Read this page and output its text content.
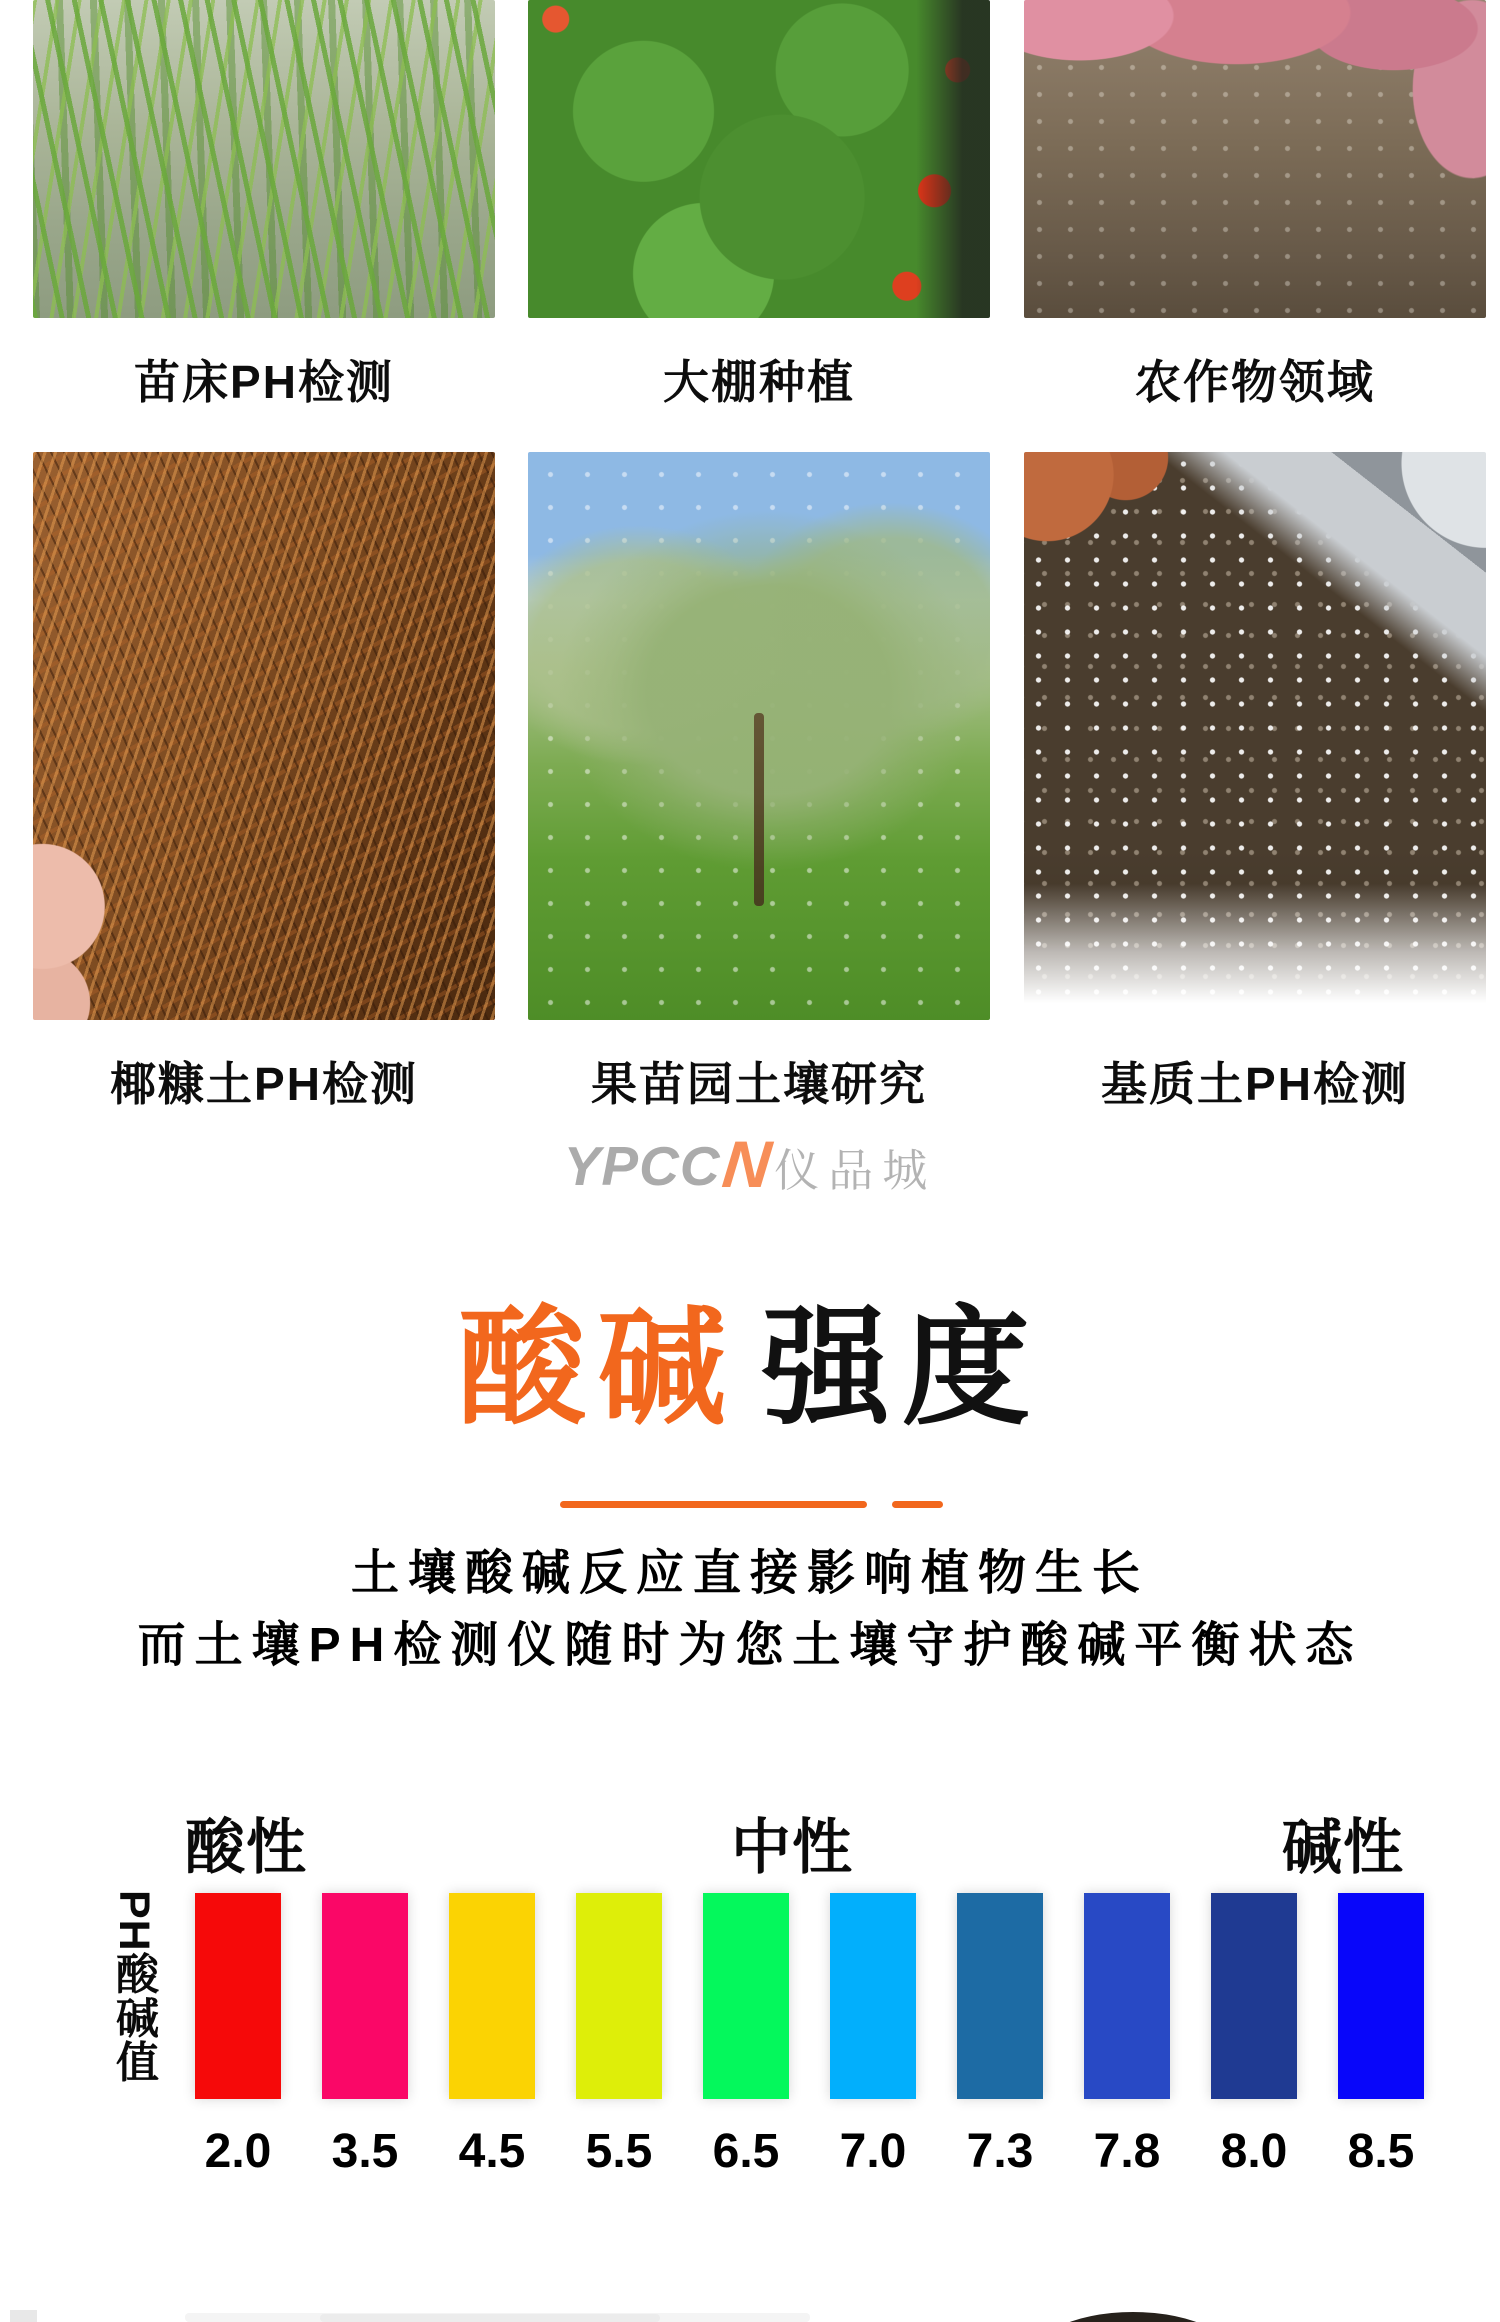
苗床PH检测	大棚种植	农作物领域
椰糠土PH检测	果苗园土壤研究	基质土PH检测
YPCC
N 仪品城
酸碱 强度

土壤酸碱反应直接影响植物生长

而土壤PH检测仪随时为您土壤守护酸碱平衡状态

酸性	中性	碱性
PH酸碱值
2.0 3.5 4.5 5.5 6.5 7.0 7.3 7.8 8.0 8.5
